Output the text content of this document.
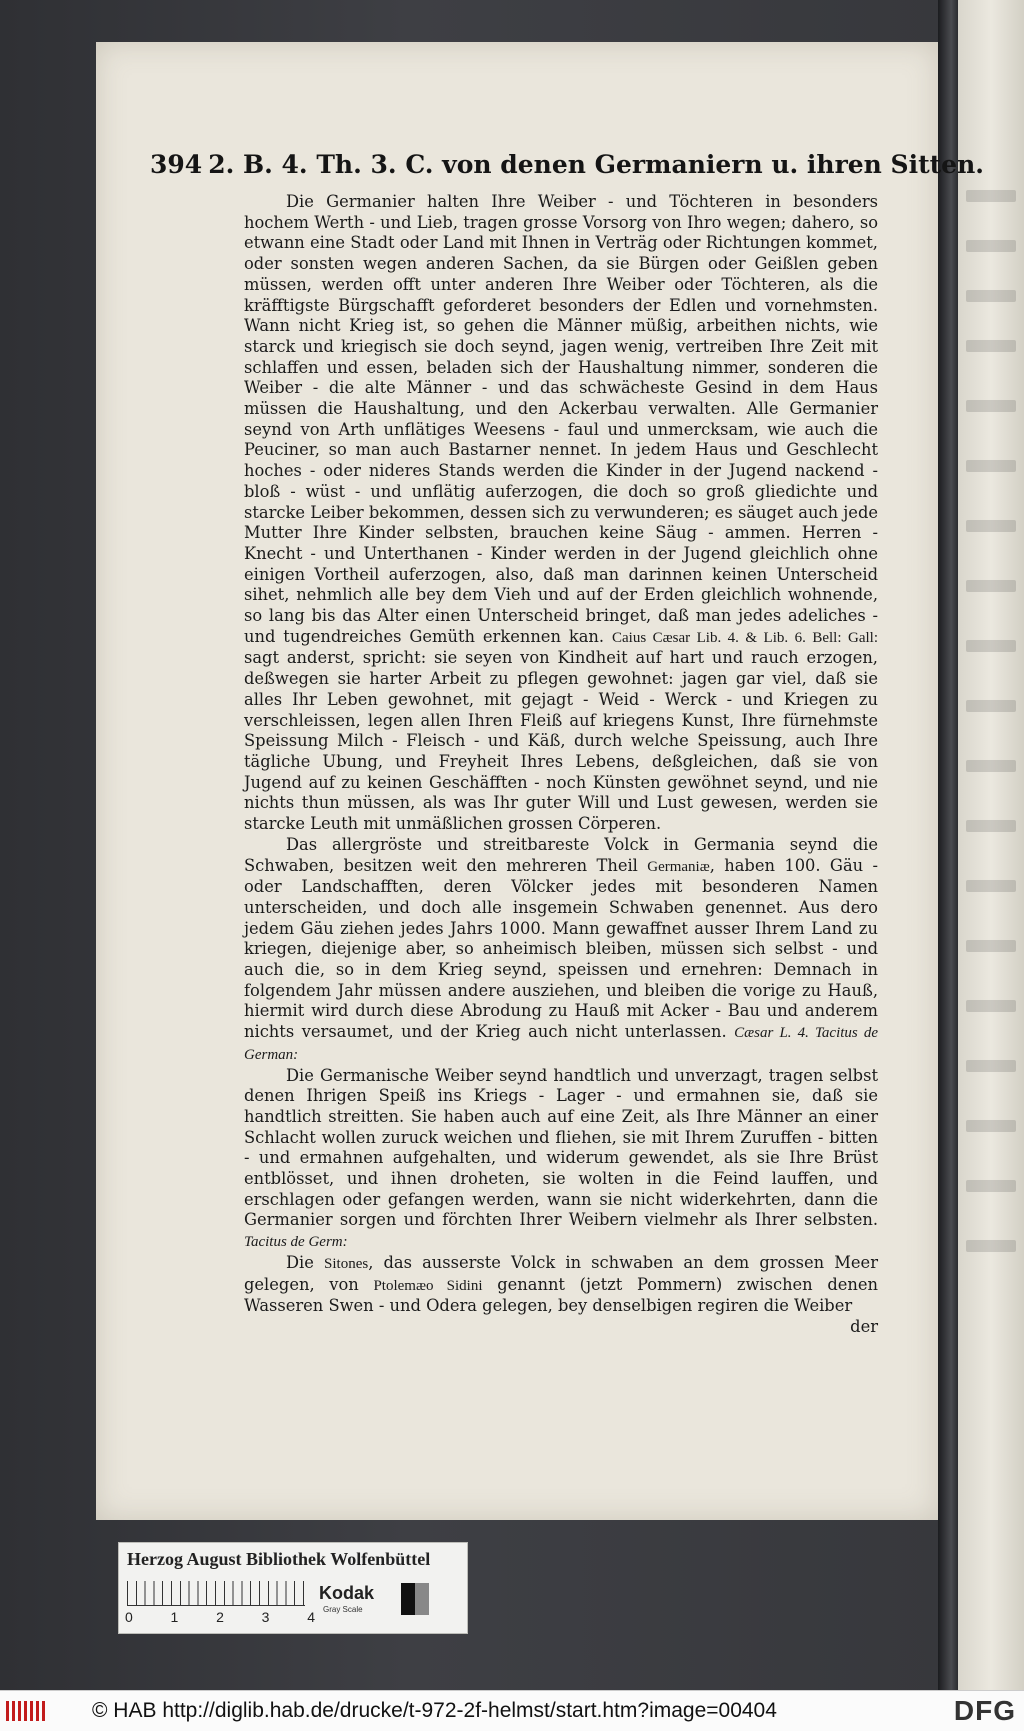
394 2. B. 4. Th. 3. C. von denen Germaniern u. ihren Sitten.

Die Germanier halten Ihre Weiber - und Töchteren in besonders hochem Werth - und Lieb, tragen grosse Vorsorg von Ihro wegen; dahero, so etwann eine Stadt oder Land mit Ihnen in Verträg oder Richtungen kommet, oder sonsten wegen anderen Sachen, da sie Bürgen oder Geißlen geben müssen, werden offt unter anderen Ihre Weiber oder Töchteren, als die kräfftigste Bürgschafft geforderet besonders der Edlen und vornehmsten. Wann nicht Krieg ist, so gehen die Männer müßig, arbeithen nichts, wie starck und kriegisch sie doch seynd, jagen wenig, vertreiben Ihre Zeit mit schlaffen und essen, beladen sich der Haushaltung nimmer, sonderen die Weiber - die alte Männer - und das schwächeste Gesind in dem Haus müssen die Haushaltung, und den Ackerbau verwalten. Alle Germanier seynd von Arth unflätiges Weesens - faul und unmercksam, wie auch die Peuciner, so man auch Bastarner nennet. In jedem Haus und Geschlecht hoches - oder nideres Stands werden die Kinder in der Jugend nackend - bloß - wüst - und unflätig auferzogen, die doch so groß gliedichte und starcke Leiber bekommen, dessen sich zu verwunderen; es säuget auch jede Mutter Ihre Kinder selbsten, brauchen keine Säug - ammen. Herren - Knecht - und Unterthanen - Kinder werden in der Jugend gleichlich ohne einigen Vortheil auferzogen, also, daß man darinnen keinen Unterscheid sihet, nehmlich alle bey dem Vieh und auf der Erden gleichlich wohnende, so lang bis das Alter einen Unterscheid bringet, daß man jedes adeliches - und tugendreiches Gemüth erkennen kan. Caius Cæsar Lib. 4. & Lib. 6. Bell: Gall: sagt anderst, spricht: sie seyen von Kindheit auf hart und rauch erzogen, deßwegen sie harter Arbeit zu pflegen gewohnet: jagen gar viel, daß sie alles Ihr Leben gewohnet, mit gejagt - Weid - Werck - und Kriegen zu verschleissen, legen allen Ihren Fleiß auf kriegens Kunst, Ihre fürnehmste Speissung Milch - Fleisch - und Käß, durch welche Speissung, auch Ihre tägliche Ubung, und Freyheit Ihres Lebens, deßgleichen, daß sie von Jugend auf zu keinen Geschäfften - noch Künsten gewöhnet seynd, und nie nichts thun müssen, als was Ihr guter Will und Lust gewesen, werden sie starcke Leuth mit unmäßlichen grossen Cörperen.

Das allergröste und streitbareste Volck in Germania seynd die Schwaben, besitzen weit den mehreren Theil Germaniæ, haben 100. Gäu - oder Landschafften, deren Völcker jedes mit besonderen Namen unterscheiden, und doch alle insgemein Schwaben genennet. Aus dero jedem Gäu ziehen jedes Jahrs 1000. Mann gewaffnet ausser Ihrem Land zu kriegen, diejenige aber, so anheimisch bleiben, müssen sich selbst - und auch die, so in dem Krieg seynd, speissen und ernehren: Demnach in folgendem Jahr müssen andere ausziehen, und bleiben die vorige zu Hauß, hiermit wird durch diese Abrodung zu Hauß mit Acker - Bau und anderem nichts versaumet, und der Krieg auch nicht unterlassen. Cæsar L. 4. Tacitus de German:

Die Germanische Weiber seynd handtlich und unverzagt, tragen selbst denen Ihrigen Speiß ins Kriegs - Lager - und ermahnen sie, daß sie handtlich streitten. Sie haben auch auf eine Zeit, als Ihre Männer an einer Schlacht wollen zuruck weichen und fliehen, sie mit Ihrem Zuruffen - bitten - und ermahnen aufgehalten, und widerum gewendet, als sie Ihre Brüst entblösset, und ihnen droheten, sie wolten in die Feind lauffen, und erschlagen oder gefangen werden, wann sie nicht widerkehrten, dann die Germanier sorgen und förchten Ihrer Weibern vielmehr als Ihrer selbsten. Tacitus de Germ:

Die Sitones, das ausserste Volck in schwaben an dem grossen Meer gelegen, von Ptolemæo Sidini genannt (jetzt Pommern) zwischen denen Wasseren Swen - und Odera gelegen, bey denselbigen regiren die Weiber

der

Herzog August Bibliothek Wolfenbüttel
0	1	2	3	4
Kodak
Gray Scale
© HAB http://diglib.hab.de/drucke/t-972-2f-helmst/start.htm?image=00404	DFG
